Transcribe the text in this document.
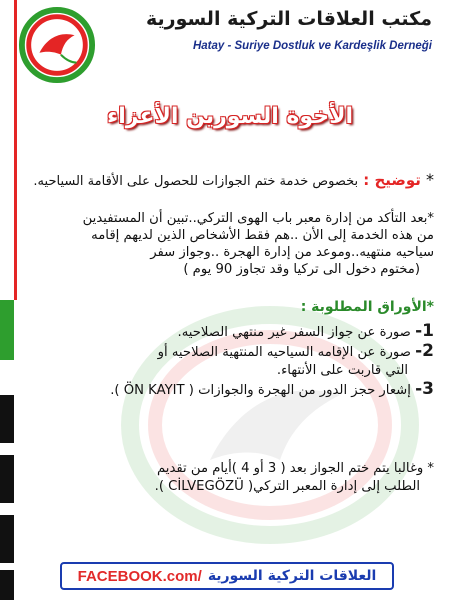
مكتب العلاقات التركية السورية
Hatay - Suriye Dostluk ve Kardeşlik Derneği
الأخوة السورين الأعزاء
* توضيح : بخصوص خدمة ختم الجوازات للحصول على الأقامة السياحيه.
*بعد التأكد من إدارة معبر باب الهوى التركي..تبين أن المستفيدين
من هذه الخدمة إلى الأن ..هم فقط الأشخاص الذين لديهم إقامه
سياحيه منتهيه..وموعد من إدارة الهجرة ..وجواز سفر
(مختوم دخول الى تركيا وقد تجاوز 90 يوم )
*الأوراق المطلوبة :
1- صورة عن جواز السفر غير منتهي الصلاحيه.
2- صورة عن الإقامه السياحيه المنتهية الصلاحيه أو
التي قاربت على الأنتهاء.
3- إشعار حجز الدور من الهجرة والجوازات ( ÖN KAYIT ).
* وغالبا يتم ختم الجواز بعد ( 3 أو 4 )أيام من تقديم
الطلب إلى إدارة المعبر التركي( CİLVEGÖZÜ ).
FACEBOOK.com/ العلاقات التركية السورية
